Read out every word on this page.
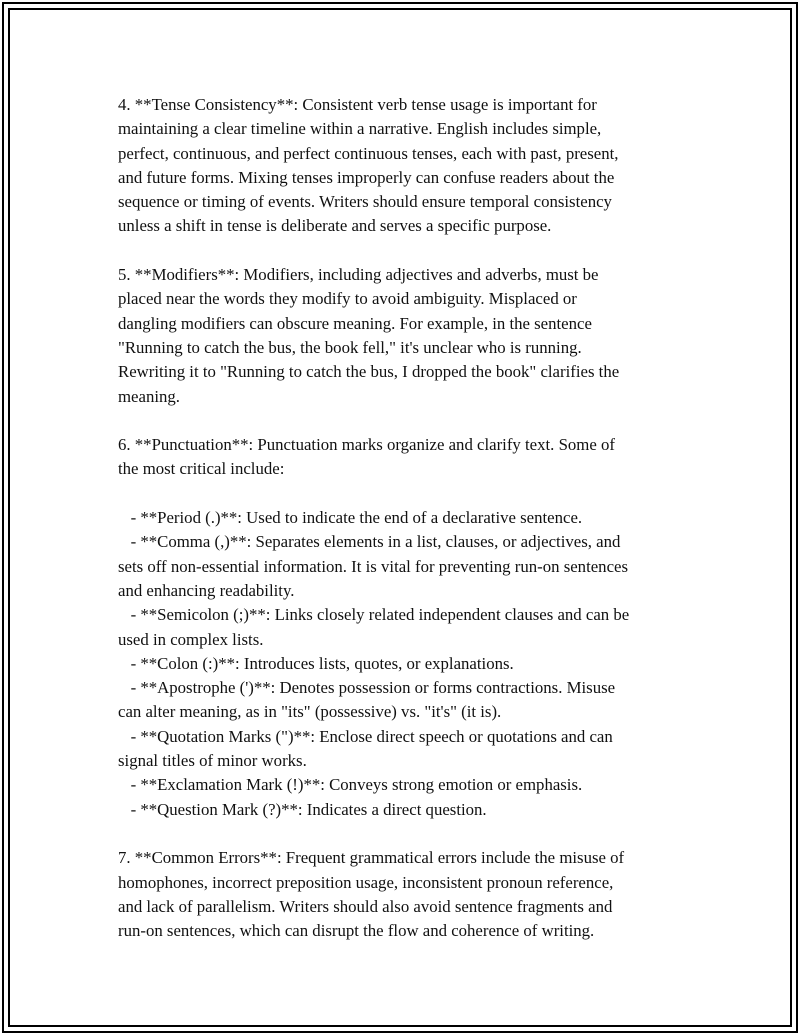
4. **Tense Consistency**: Consistent verb tense usage is important for
maintaining a clear timeline within a narrative. English includes simple,
perfect, continuous, and perfect continuous tenses, each with past, present,
and future forms. Mixing tenses improperly can confuse readers about the
sequence or timing of events. Writers should ensure temporal consistency
unless a shift in tense is deliberate and serves a specific purpose.
5. **Modifiers**: Modifiers, including adjectives and adverbs, must be
placed near the words they modify to avoid ambiguity. Misplaced or
dangling modifiers can obscure meaning. For example, in the sentence
"Running to catch the bus, the book fell," it's unclear who is running.
Rewriting it to "Running to catch the bus, I dropped the book" clarifies the
meaning.
6. **Punctuation**: Punctuation marks organize and clarify text. Some of
the most critical include:
- **Period (.)**: Used to indicate the end of a declarative sentence.
- **Comma (,)**: Separates elements in a list, clauses, or adjectives, and
sets off non-essential information. It is vital for preventing run-on sentences
and enhancing readability.
- **Semicolon (;)**: Links closely related independent clauses and can be
used in complex lists.
- **Colon (:)**: Introduces lists, quotes, or explanations.
- **Apostrophe (')**: Denotes possession or forms contractions. Misuse
can alter meaning, as in "its" (possessive) vs. "it's" (it is).
- **Quotation Marks (")**: Enclose direct speech or quotations and can
signal titles of minor works.
- **Exclamation Mark (!)**: Conveys strong emotion or emphasis.
- **Question Mark (?)**: Indicates a direct question.
7. **Common Errors**: Frequent grammatical errors include the misuse of
homophones, incorrect preposition usage, inconsistent pronoun reference,
and lack of parallelism. Writers should also avoid sentence fragments and
run-on sentences, which can disrupt the flow and coherence of writing.
